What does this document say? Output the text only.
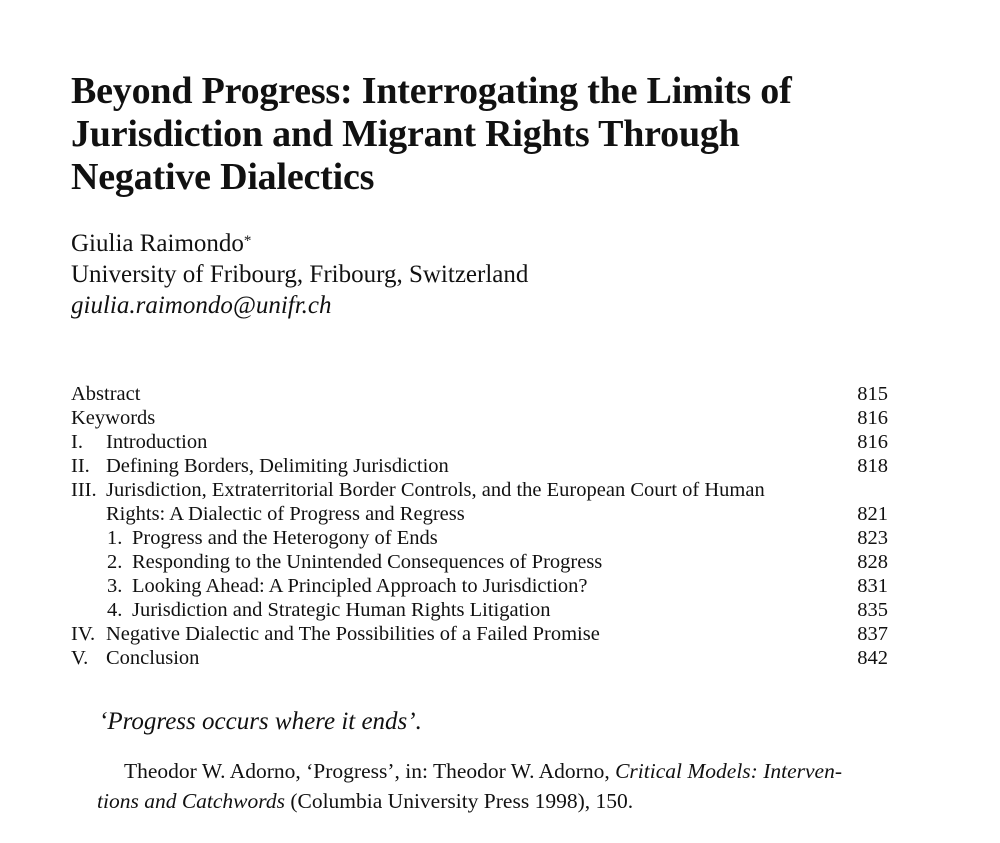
Beyond Progress: Interrogating the Limits of
Jurisdiction and Migrant Rights Through
Negative Dialectics
Giulia Raimondo*
University of Fribourg, Fribourg, Switzerland
giulia.raimondo@unifr.ch
Abstract	815
Keywords	816
I. Introduction	816
II. Defining Borders, Delimiting Jurisdiction	818
III. Jurisdiction, Extraterritorial Border Controls, and the European Court of Human
Rights: A Dialectic of Progress and Regress	821
1. Progress and the Heterogony of Ends	823
2. Responding to the Unintended Consequences of Progress	828
3. Looking Ahead: A Principled Approach to Jurisdiction?	831
4. Jurisdiction and Strategic Human Rights Litigation	835
IV. Negative Dialectic and The Possibilities of a Failed Promise	837
V. Conclusion	842
‘Progress occurs where it ends’.
Theodor W. Adorno, ‘Progress’, in: Theodor W. Adorno, Critical Models: Interven-
tions and Catchwords (Columbia University Press 1998), 150.
